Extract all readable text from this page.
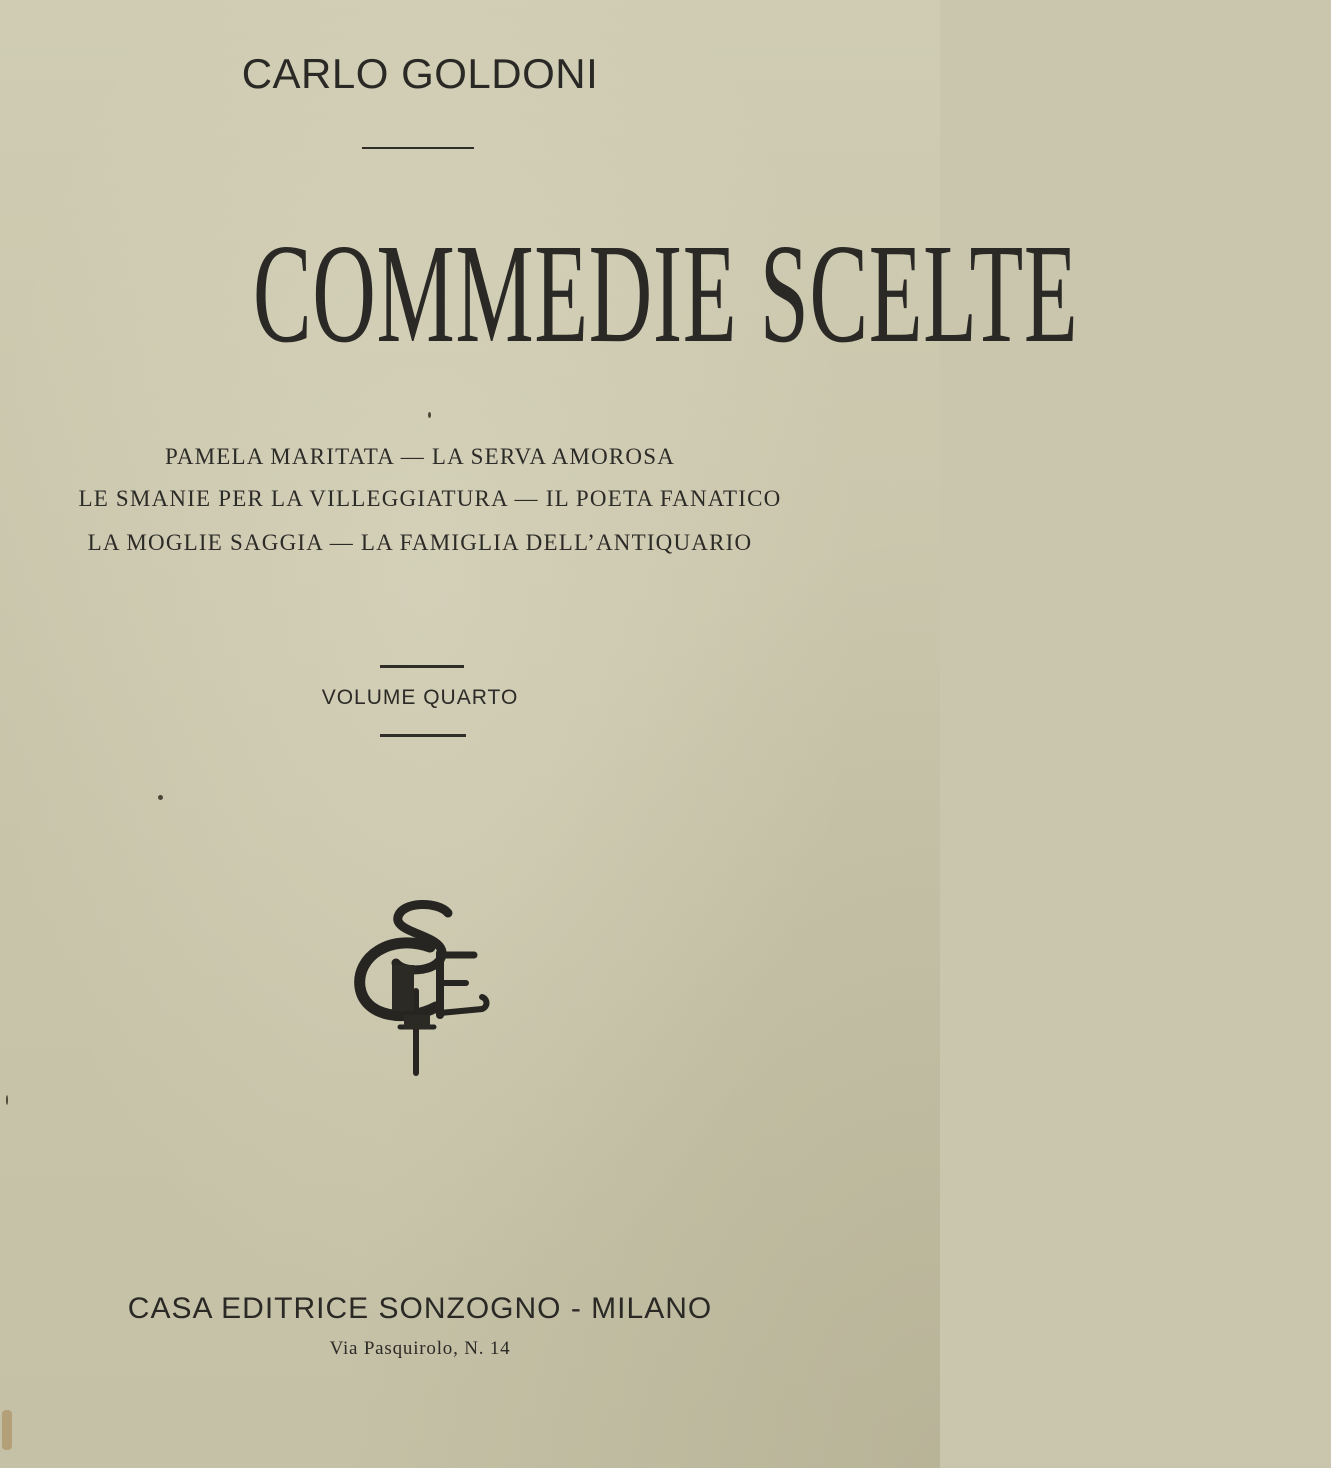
CARLO GOLDONI
COMMEDIE SCELTE
PAMELA MARITATA — LA SERVA AMOROSA
LE SMANIE PER LA VILLEGGIATURA — IL POETA FANATICO
LA MOGLIE SAGGIA — LA FAMIGLIA DELL’ANTIQUARIO
VOLUME QUARTO
CASA EDITRICE SONZOGNO - MILANO
Via Pasquirolo, N. 14
